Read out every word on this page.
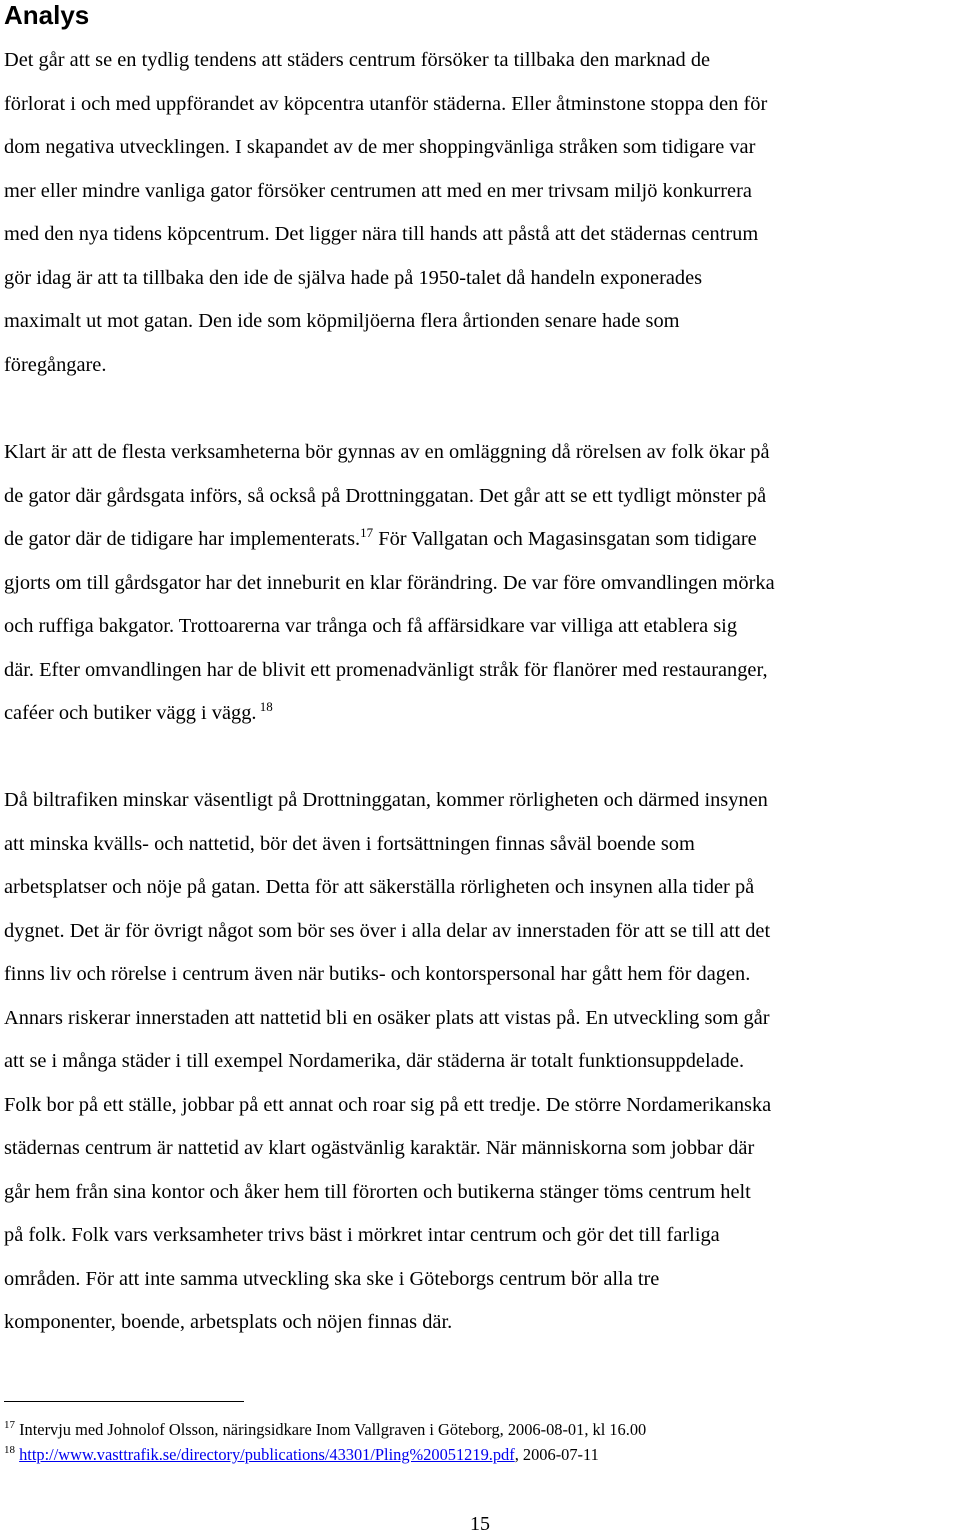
Analys

Det går att se en tydlig tendens att städers centrum försöker ta tillbaka den marknad de
förlorat i och med uppförandet av köpcentra utanför städerna. Eller åtminstone stoppa den för
dom negativa utvecklingen. I skapandet av de mer shoppingvänliga stråken som tidigare var
mer eller mindre vanliga gator försöker centrumen att med en mer trivsam miljö konkurrera
med den nya tidens köpcentrum. Det ligger nära till hands att påstå att det städernas centrum
gör idag är att ta tillbaka den ide de själva hade på 1950-talet då handeln exponerades
maximalt ut mot gatan. Den ide som köpmiljöerna flera årtionden senare hade som
föregångare.

Klart är att de flesta verksamheterna bör gynnas av en omläggning då rörelsen av folk ökar på
de gator där gårdsgata införs, så också på Drottninggatan. Det går att se ett tydligt mönster på
de gator där de tidigare har implementerats.$^{17}$ För Vallgatan och Magasinsgatan som tidigare
gjorts om till gårdsgator har det inneburit en klar förändring. De var före omvandlingen mörka
och ruffiga bakgator. Trottoarerna var trånga och få affärsidkare var villiga att etablera sig
där. Efter omvandlingen har de blivit ett promenadvänligt stråk för flanörer med restauranger,
caféer och butiker vägg i vägg. $^{18}$

Då biltrafiken minskar väsentligt på Drottninggatan, kommer rörligheten och därmed insynen
att minska kvälls- och nattetid, bör det även i fortsättningen finnas såväl boende som
arbetsplatser och nöje på gatan. Detta för att säkerställa rörligheten och insynen alla tider på
dygnet. Det är för övrigt något som bör ses över i alla delar av innerstaden för att se till att det
finns liv och rörelse i centrum även när butiks- och kontorspersonal har gått hem för dagen.
Annars riskerar innerstaden att nattetid bli en osäker plats att vistas på. En utveckling som går
att se i många städer i till exempel Nordamerika, där städerna är totalt funktionsuppdelade.
Folk bor på ett ställe, jobbar på ett annat och roar sig på ett tredje. De större Nordamerikanska
städernas centrum är nattetid av klart ogästvänlig karaktär. När människorna som jobbar där
går hem från sina kontor och åker hem till förorten och butikerna stänger töms centrum helt
på folk. Folk vars verksamheter trivs bäst i mörkret intar centrum och gör det till farliga
områden. För att inte samma utveckling ska ske i Göteborgs centrum bör alla tre
komponenter, boende, arbetsplats och nöjen finnas där.

$^{17}$ Intervju med Johnolof Olsson, näringsidkare Inom Vallgraven i Göteborg, 2006-08-01, kl 16.00

$^{18}$ http://www.vasttrafik.se/directory/publications/43301/Pling%20051219.pdf, 2006-07-11

15
